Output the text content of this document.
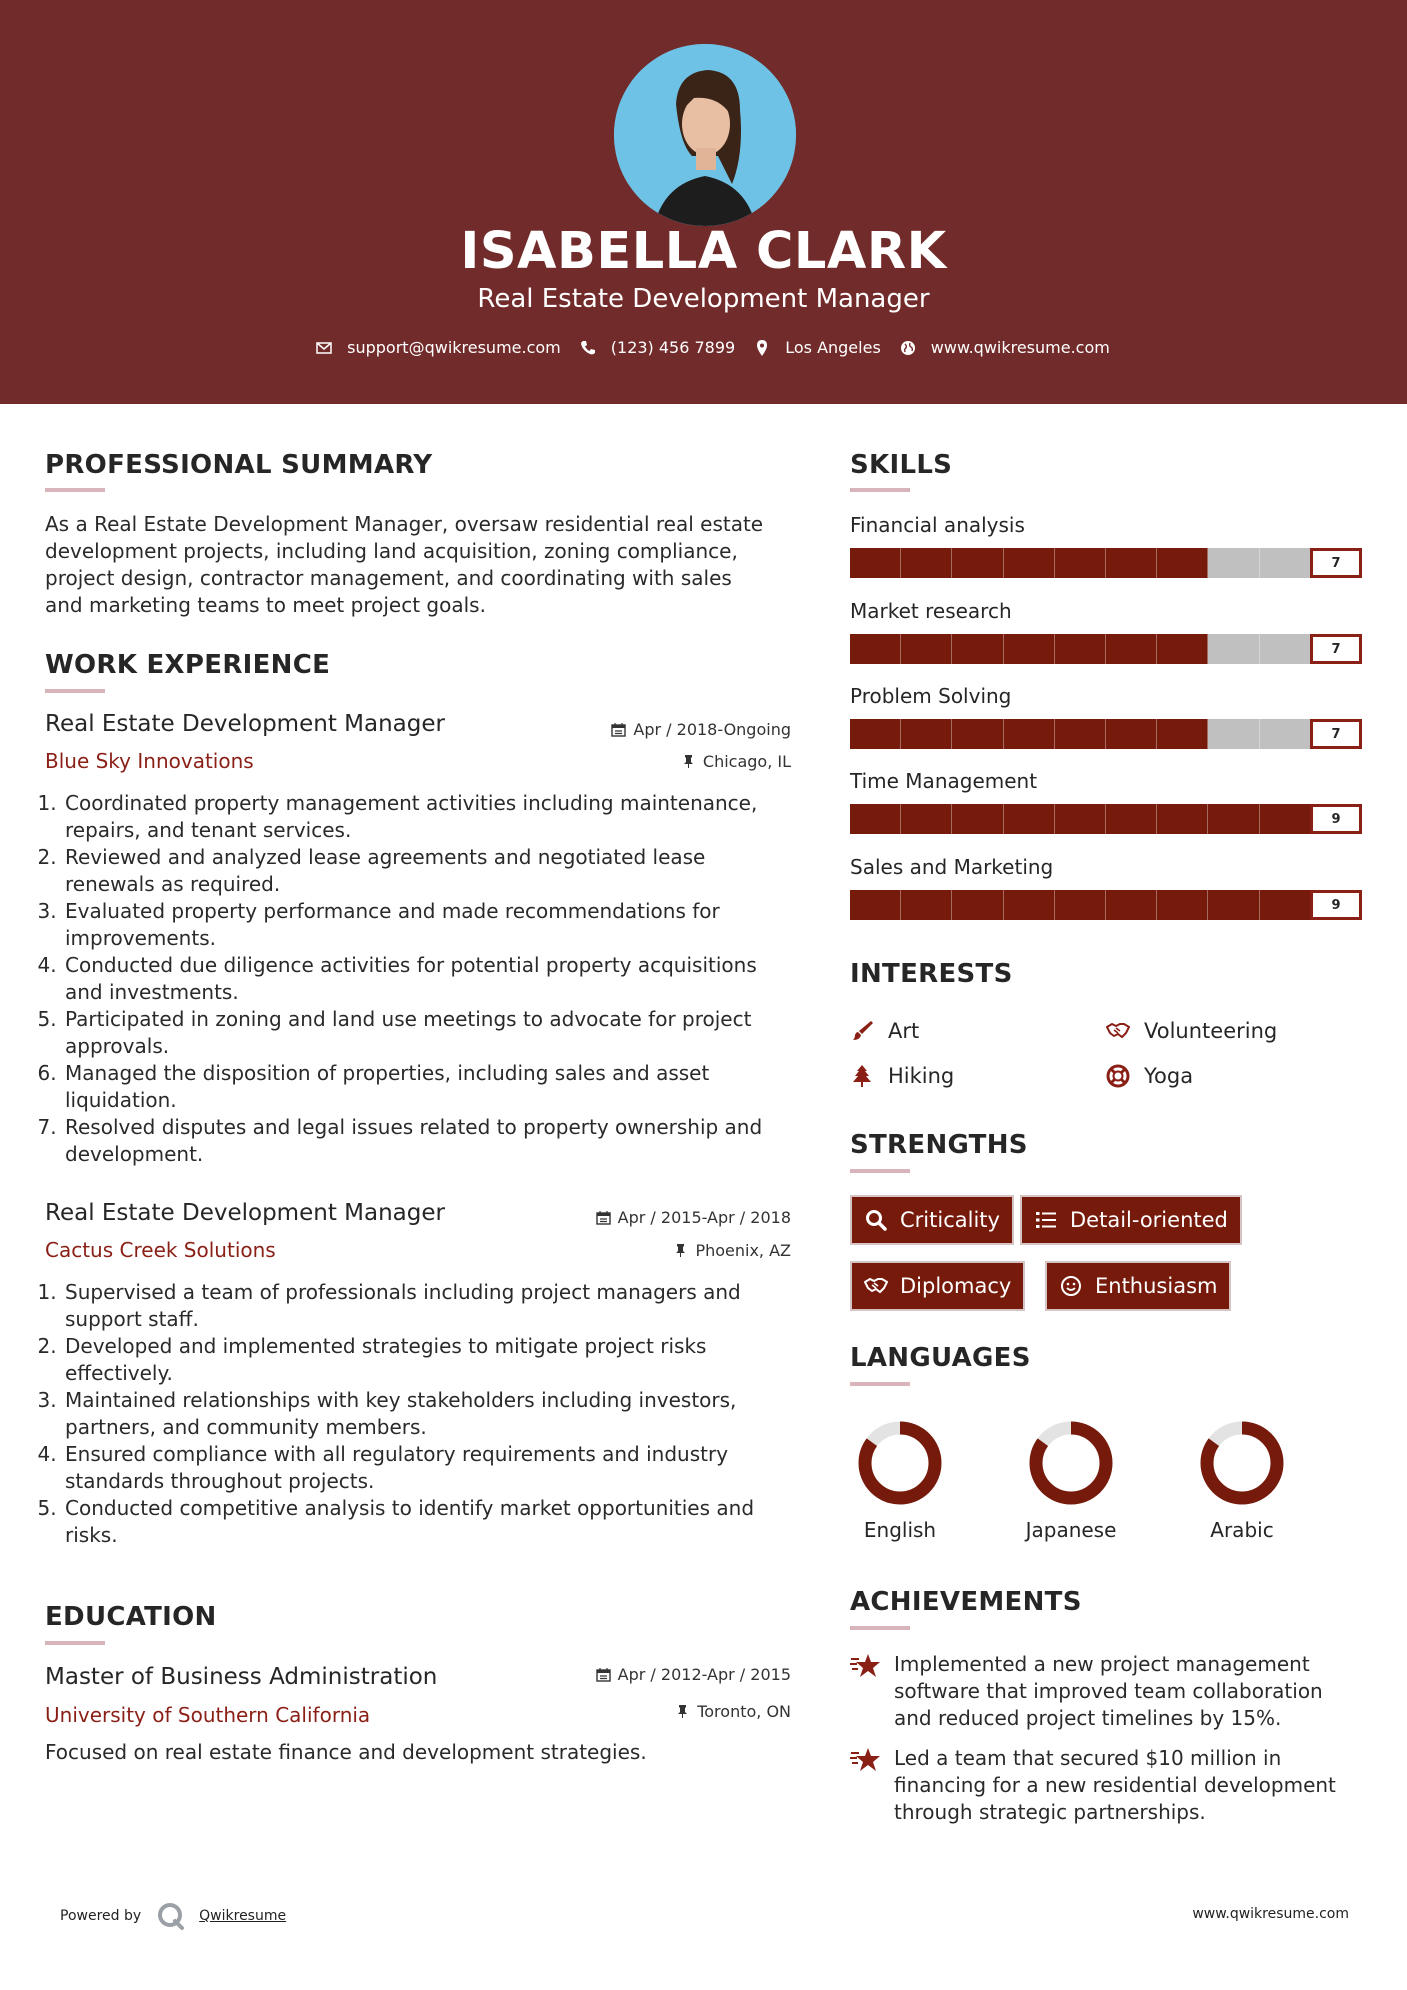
ISABELLA CLARK
Real Estate Development Manager
support@qwikresume.com	(123) 456 7899	Los Angeles	www.qwikresume.com
PROFESSIONAL SUMMARY
As a Real Estate Development Manager, oversaw residential real estate
development projects, including land acquisition, zoning compliance,
project design, contractor management, and coordinating with sales
and marketing teams to meet project goals.
WORK EXPERIENCE
Real Estate Development Manager	Apr / 2018-Ongoing
Blue Sky Innovations	Chicago, IL
1. Coordinated property management activities including maintenance, repairs, and tenant services.
2. Reviewed and analyzed lease agreements and negotiated lease renewals as required.
3. Evaluated property performance and made recommendations for improvements.
4. Conducted due diligence activities for potential property acquisitions and investments.
5. Participated in zoning and land use meetings to advocate for project approvals.
6. Managed the disposition of properties, including sales and asset liquidation.
7. Resolved disputes and legal issues related to property ownership and development.
Real Estate Development Manager	Apr / 2015-Apr / 2018
Cactus Creek Solutions	Phoenix, AZ
1. Supervised a team of professionals including project managers and support staff.
2. Developed and implemented strategies to mitigate project risks effectively.
3. Maintained relationships with key stakeholders including investors, partners, and community members.
4. Ensured compliance with all regulatory requirements and industry standards throughout projects.
5. Conducted competitive analysis to identify market opportunities and risks.
EDUCATION
Master of Business Administration	Apr / 2012-Apr / 2015
University of Southern California	Toronto, ON
Focused on real estate finance and development strategies.
SKILLS
Financial analysis
7
Market research
7
Problem Solving
7
Time Management
9
Sales and Marketing
9
INTERESTS
Art	Volunteering
Hiking	Yoga
STRENGTHS
Criticality	Detail-oriented
Diplomacy	Enthusiasm
LANGUAGES
English	Japanese	Arabic
ACHIEVEMENTS
Implemented a new project management
software that improved team collaboration
and reduced project timelines by 15%.
Led a team that secured $10 million in
financing for a new residential development
through strategic partnerships.
Powered by	Qwikresume	www.qwikresume.com
